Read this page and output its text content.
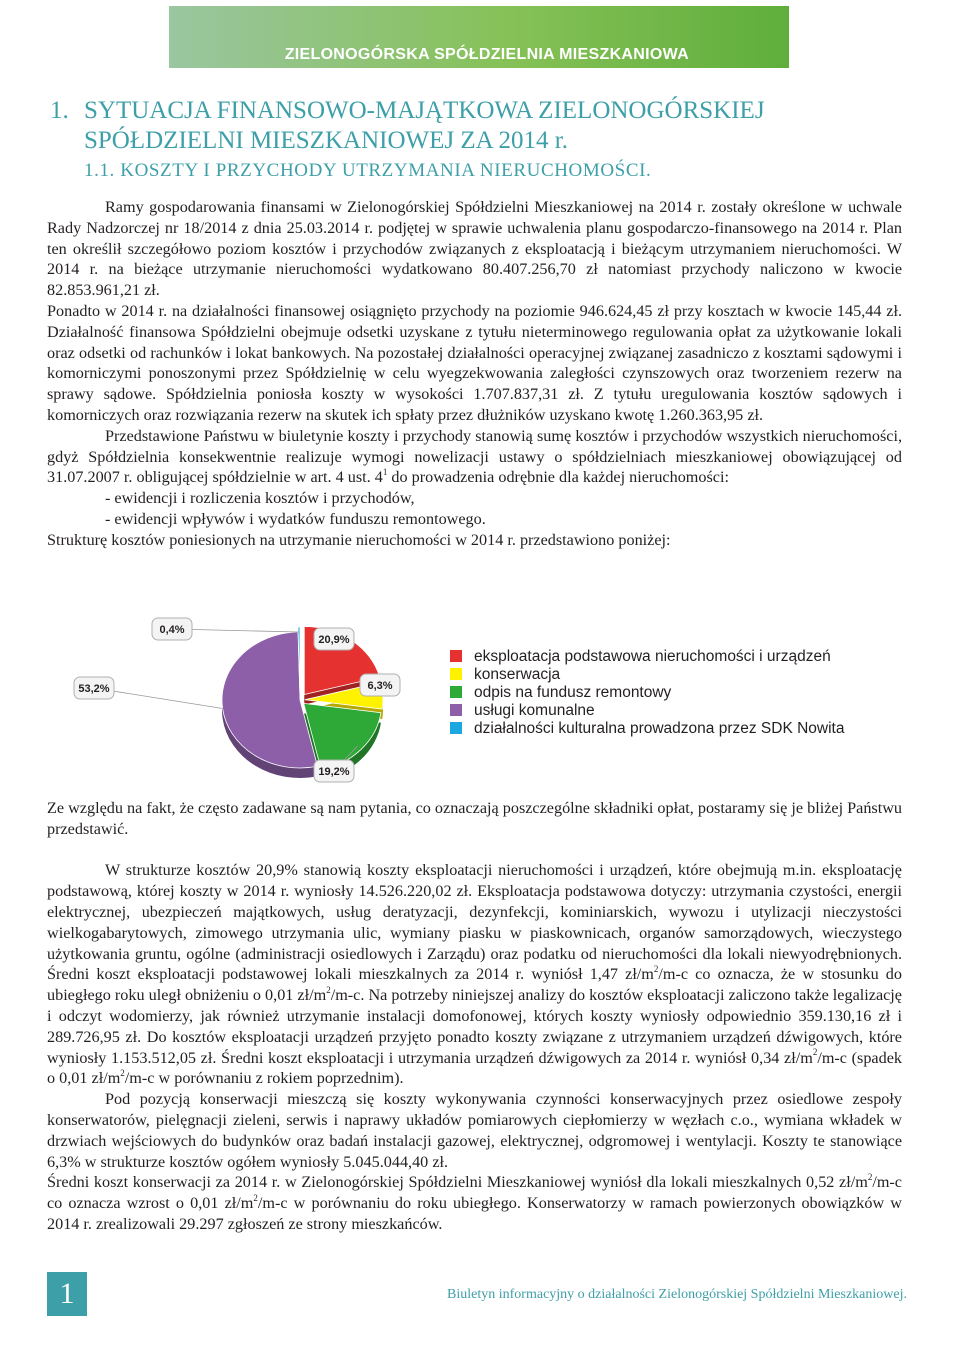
ZIELONOGÓRSKA SPÓŁDZIELNIA MIESZKANIOWA
1. SYTUACJA FINANSOWO-MAJĄTKOWA ZIELONOGÓRSKIEJ
SPÓŁDZIELNI MIESZKANIOWEJ ZA 2014 r.
1.1. KOSZTY I PRZYCHODY UTRZYMANIA NIERUCHOMOŚCI.

Ramy gospodarowania finansami w Zielonogórskiej Spółdzielni Mieszkaniowej na 2014 r. zostały określone w uchwale Rady Nadzorczej nr 18/2014 z dnia 25.03.2014 r. podjętej w sprawie uchwalenia planu gospodarczo-finansowego na 2014 r. Plan ten określił szczegółowo poziom kosztów i przychodów związanych z eksploatacją i bieżącym utrzymaniem nieruchomości. W 2014 r. na bieżące utrzymanie nieruchomości wydatkowano 80.407.256,70 zł natomiast przychody naliczono w kwocie 82.853.961,21 zł.

Ponadto w 2014 r. na działalności finansowej osiągnięto przychody na poziomie 946.624,45 zł przy kosztach w kwocie 145,44 zł. Działalność finansowa Spółdzielni obejmuje odsetki uzyskane z tytułu nieterminowego regulowania opłat za użytkowanie lokali oraz odsetki od rachunków i lokat bankowych. Na pozostałej działalności operacyjnej związanej zasadniczo z kosztami sądowymi i komorniczymi ponoszonymi przez Spółdzielnię w celu wyegzekwowania zaległości czynszowych oraz tworzeniem rezerw na sprawy sądowe. Spółdzielnia poniosła koszty w wysokości 1.707.837,31 zł. Z tytułu uregulowania kosztów sądowych i komorniczych oraz rozwiązania rezerw na skutek ich spłaty przez dłużników uzyskano kwotę 1.260.363,95 zł.

Przedstawione Państwu w biuletynie koszty i przychody stanowią sumę kosztów i przychodów wszystkich nieruchomości, gdyż Spółdzielnia konsekwentnie realizuje wymogi nowelizacji ustawy o spółdzielniach mieszkaniowej obowiązującej od 31.07.2007 r. obligującej spółdzielnie w art. 4 ust. $4^1$ do prowadzenia odrębnie dla każdej nieruchomości:

- ewidencji i rozliczenia kosztów i przychodów,

- ewidencji wpływów i wydatków funduszu remontowego.

Strukturę kosztów poniesionych na utrzymanie nieruchomości w 2014 r. przedstawiono poniżej:

0,4%
20,9%
6,3%
53,2%
19,2%
eksploatacja podstawowa nieruchomości i urządzeń
konserwacja
odpis na fundusz remontowy
usługi komunalne
działalności kulturalna prowadzona przez SDK Nowita

Ze względu na fakt, że często zadawane są nam pytania, co oznaczają poszczególne składniki opłat, postaramy się je bliżej Państwu przedstawić.

W strukturze kosztów 20,9% stanowią koszty eksploatacji nieruchomości i urządzeń, które obejmują m.in. eksploatację podstawową, której koszty w 2014 r. wyniosły 14.526.220,02 zł. Eksploatacja podstawowa dotyczy: utrzymania czystości, energii elektrycznej, ubezpieczeń majątkowych, usług deratyzacji, dezynfekcji, kominiarskich, wywozu i utylizacji nieczystości wielkogabarytowych, zimowego utrzymania ulic, wymiany piasku w piaskownicach, organów samorządowych, wieczystego użytkowania gruntu, ogólne (administracji osiedlowych i Zarządu) oraz podatku od nieruchomości dla lokali niewyodrębnionych. Średni koszt eksploatacji podstawowej lokali mieszkalnych za 2014 r. wyniósł 1,47 $zł/m^2/m-c$ co oznacza, że w stosunku do ubiegłego roku uległ obniżeniu o 0,01 $zł/m^2/m-c$. Na potrzeby niniejszej analizy do kosztów eksploatacji zaliczono także legalizację i odczyt wodomierzy, jak również utrzymanie instalacji domofonowej, których koszty wyniosły odpowiednio 359.130,16 zł i 289.726,95 zł. Do kosztów eksploatacji urządzeń przyjęto ponadto koszty związane z utrzymaniem urządzeń dźwigowych, które wyniosły 1.153.512,05 zł. Średni koszt eksploatacji i utrzymania urządzeń dźwigowych za 2014 r. wyniósł 0,34 $zł/m^2/m-c$ (spadek o 0,01 $zł/m^2/m-c$ w porównaniu z rokiem poprzednim).

Pod pozycją konserwacji mieszczą się koszty wykonywania czynności konserwacyjnych przez osiedlowe zespoły konserwatorów, pielęgnacji zieleni, serwis i naprawy układów pomiarowych ciepłomierzy w węzłach c.o., wymiana wkładek w drzwiach wejściowych do budynków oraz badań instalacji gazowej, elektrycznej, odgromowej i wentylacji. Koszty te stanowiące 6,3% w strukturze kosztów ogółem wyniosły 5.045.044,40 zł.

Średni koszt konserwacji za 2014 r. w Zielonogórskiej Spółdzielni Mieszkaniowej wyniósł dla lokali mieszkalnych 0,52 $zł/m^2/m-c$ co oznacza wzrost o 0,01 $zł/m^2/m-c$ w porównaniu do roku ubiegłego. Konserwatorzy w ramach powierzonych obowiązków w 2014 r. zrealizowali 29.297 zgłoszeń ze strony mieszkańców.

1	Biuletyn informacyjny o działalności Zielonogórskiej Spółdzielni Mieszkaniowej.
